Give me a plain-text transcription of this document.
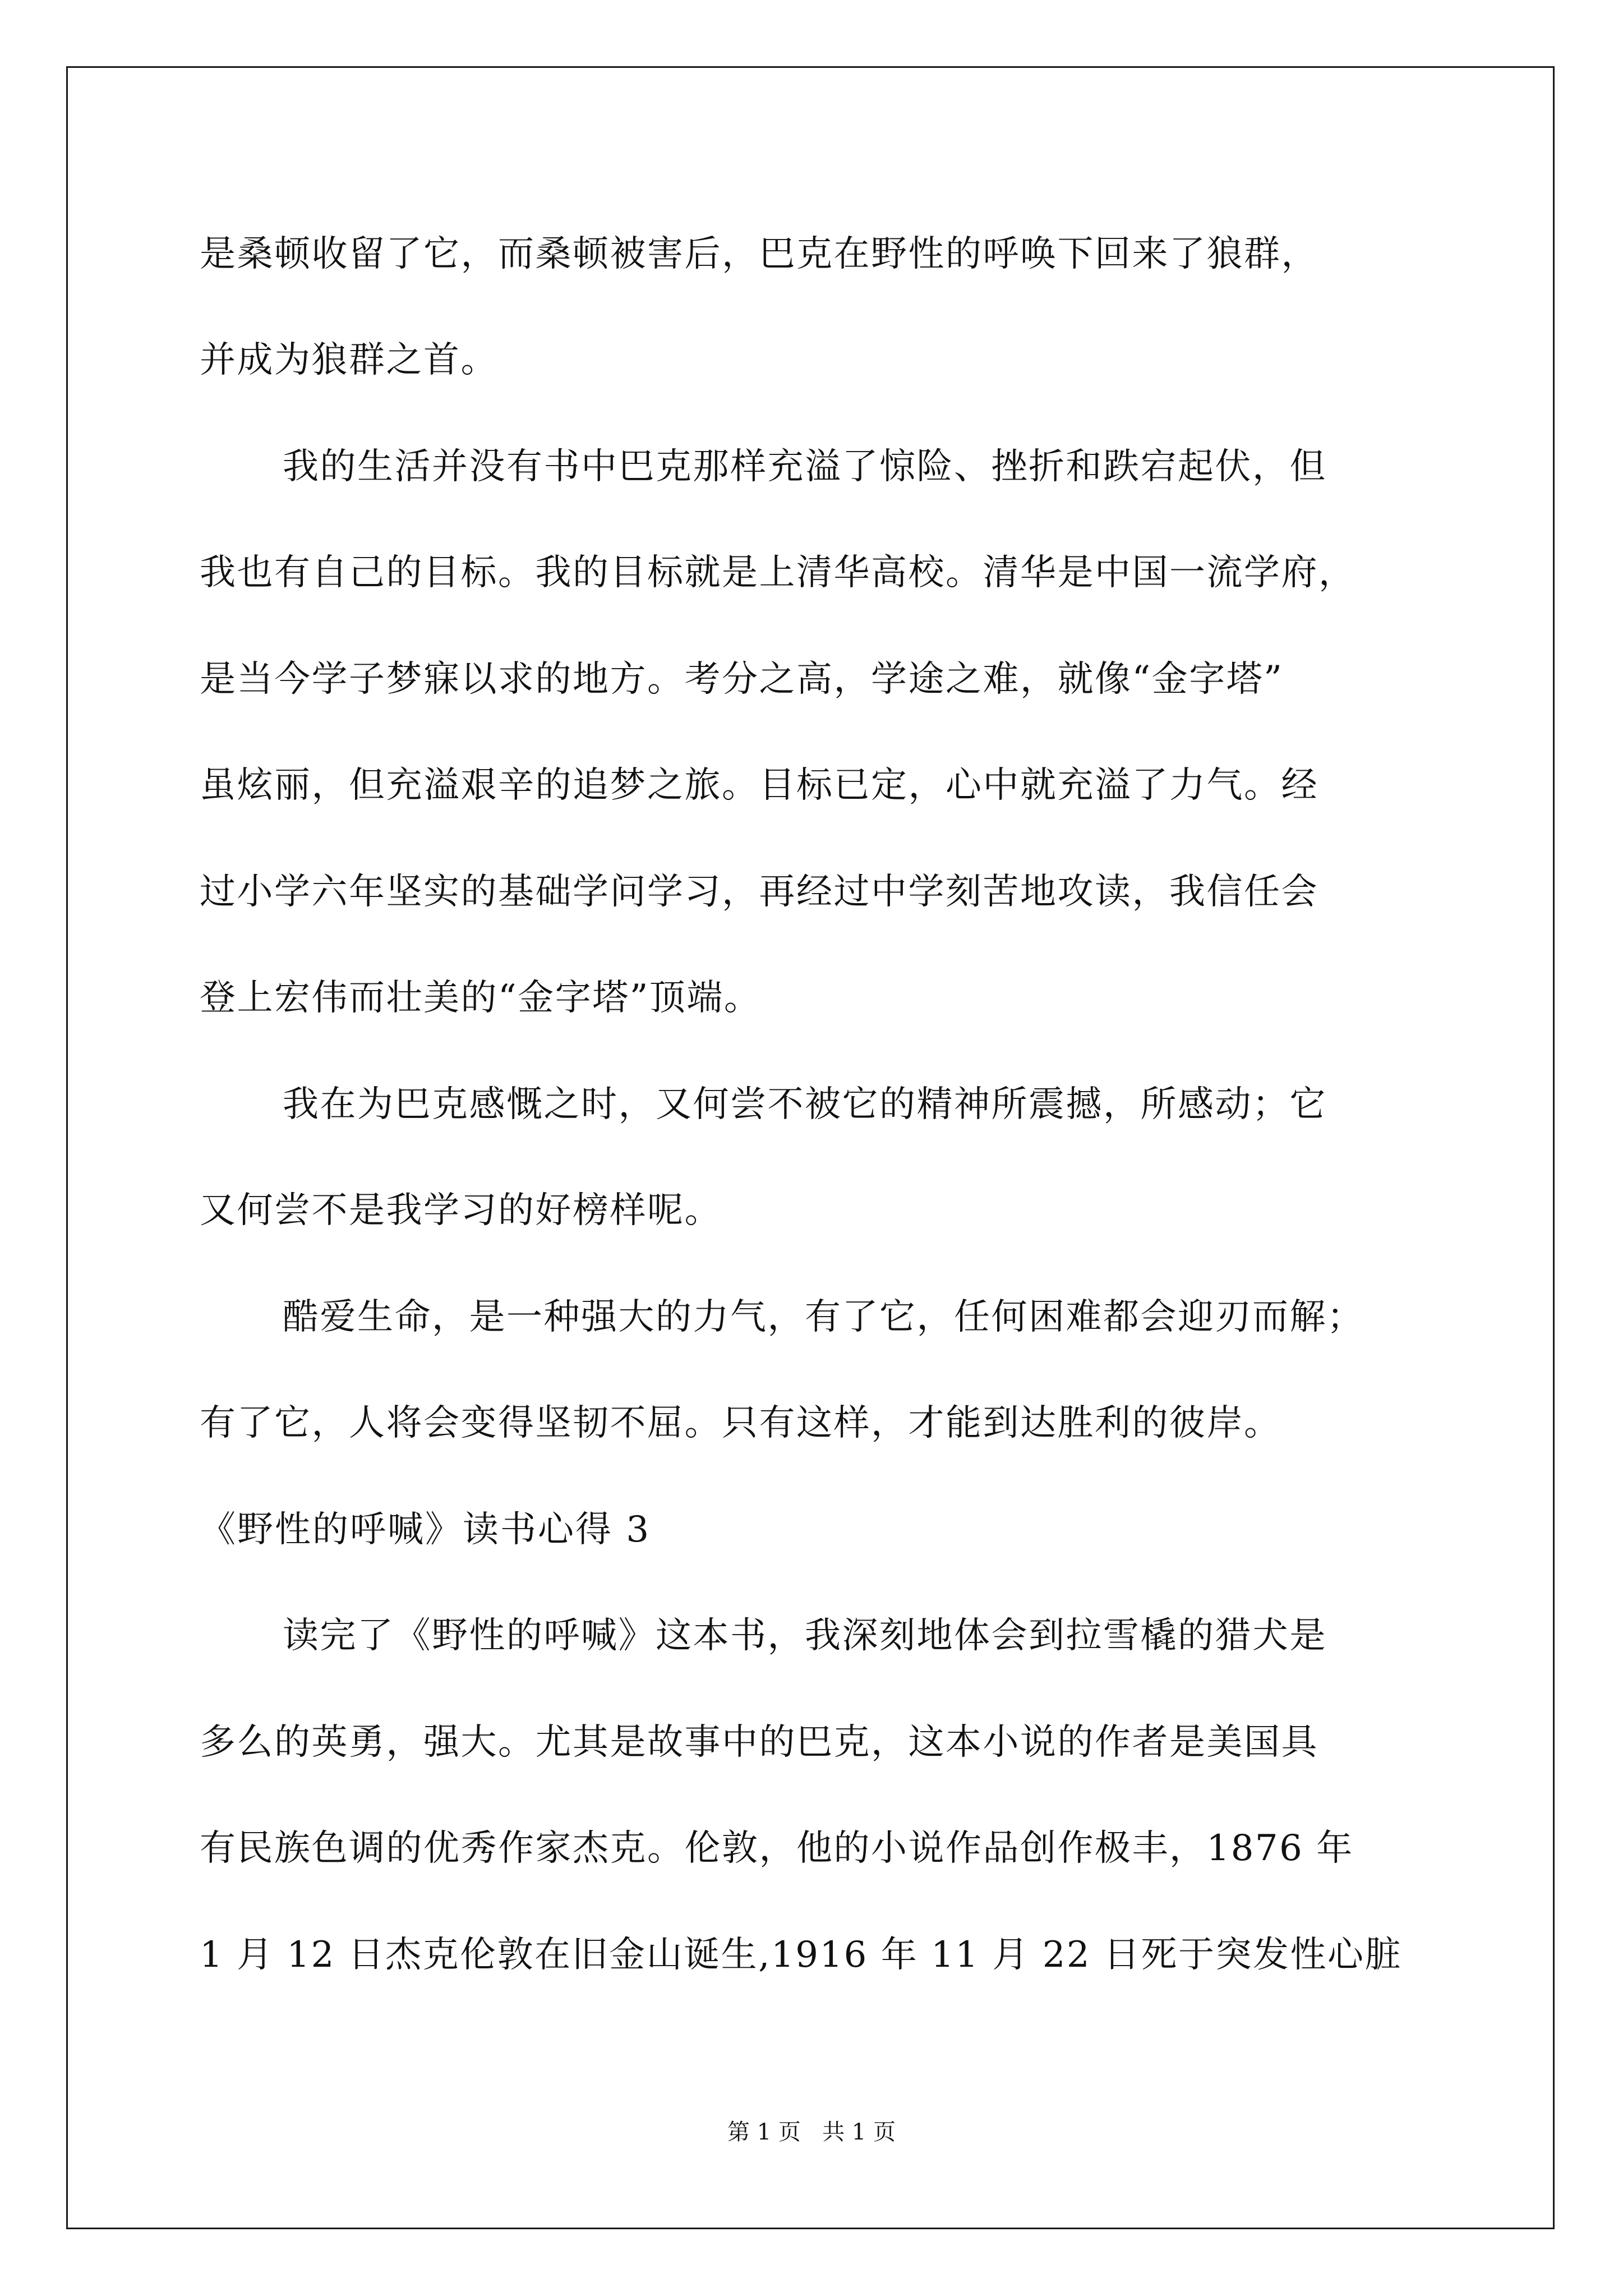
是桑顿收留了它，而桑顿被害后，巴克在野性的呼唤下回来了狼群，
并成为狼群之首。
我的生活并没有书中巴克那样充溢了惊险、挫折和跌宕起伏，但
我也有自己的目标。我的目标就是上清华高校。清华是中国一流学府，
是当今学子梦寐以求的地方。考分之高，学途之难，就像“金字塔”
虽炫丽，但充溢艰辛的追梦之旅。目标已定，心中就充溢了力气。经
过小学六年坚实的基础学问学习，再经过中学刻苦地攻读，我信任会
登上宏伟而壮美的“金字塔”顶端。
我在为巴克感慨之时，又何尝不被它的精神所震撼，所感动；它
又何尝不是我学习的好榜样呢。
酷爱生命，是一种强大的力气，有了它，任何困难都会迎刃而解；
有了它，人将会变得坚韧不屈。只有这样，才能到达胜利的彼岸。
《野性的呼喊》读书心得 3
读完了《野性的呼喊》这本书，我深刻地体会到拉雪橇的猎犬是
多么的英勇，强大。尤其是故事中的巴克，这本小说的作者是美国具
有民族色调的优秀作家杰克。伦敦，他的小说作品创作极丰，1876 年
1 月 12 日杰克伦敦在旧金山诞生,1916 年 11 月 22 日死于突发性心脏
第 1 页   共 1 页
